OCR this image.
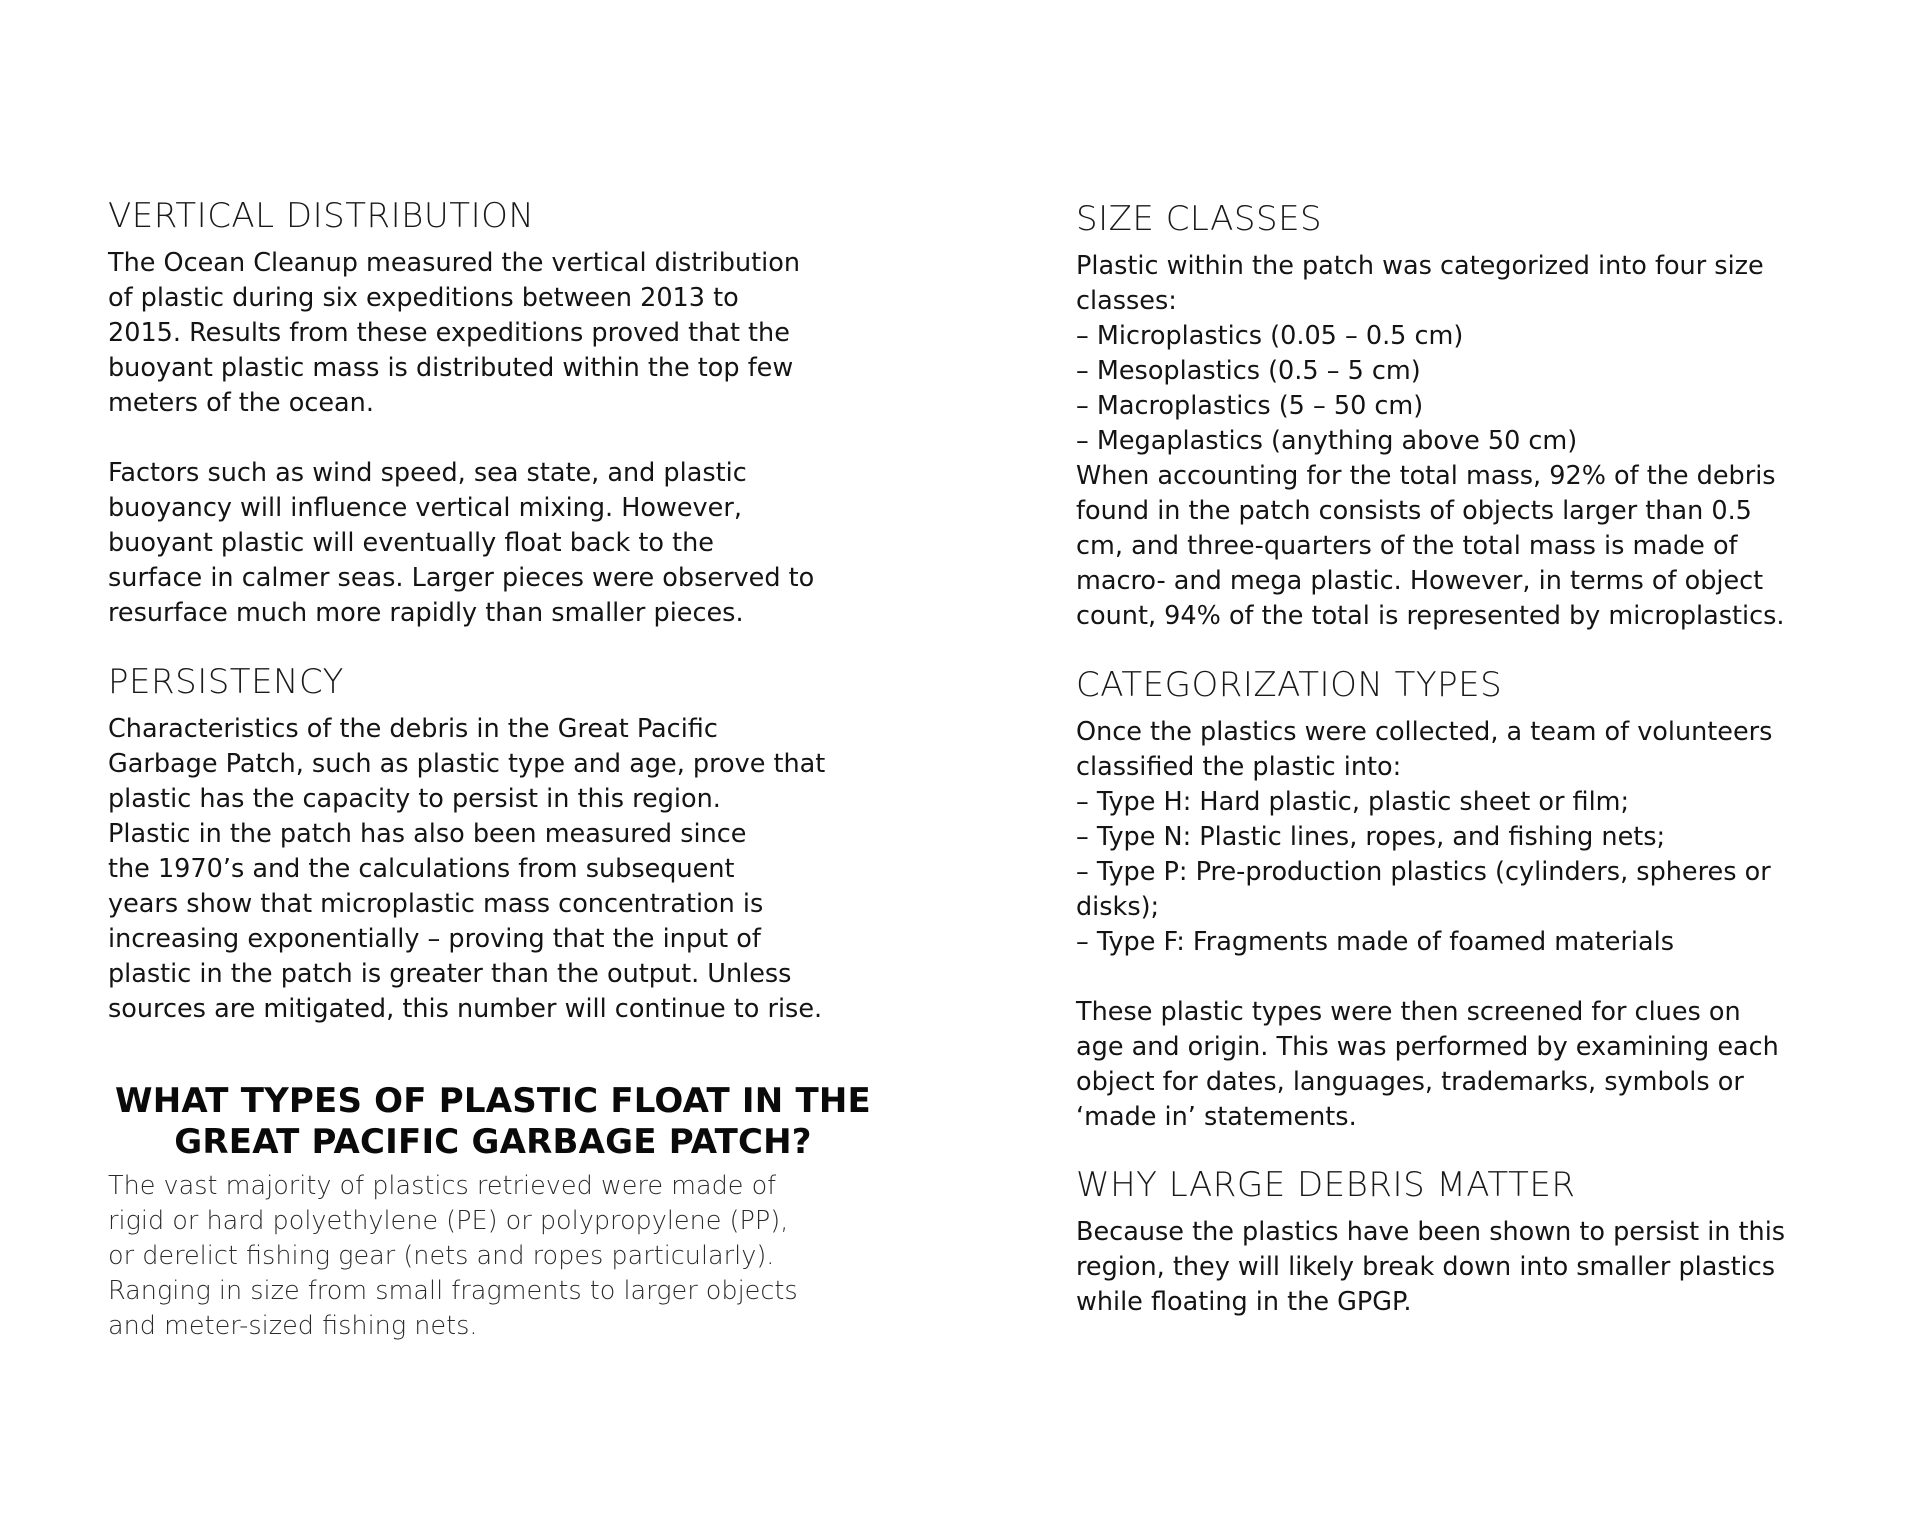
VERTICAL DISTRIBUTION

The Ocean Cleanup measured the vertical distribution
of plastic during six expeditions between 2013 to
2015. Results from these expeditions proved that the
buoyant plastic mass is distributed within the top few
meters of the ocean.

Factors such as wind speed, sea state, and plastic
buoyancy will influence vertical mixing. However,
buoyant plastic will eventually float back to the
surface in calmer seas. Larger pieces were observed to
resurface much more rapidly than smaller pieces.

PERSISTENCY

Characteristics of the debris in the Great Pacific
Garbage Patch, such as plastic type and age, prove that
plastic has the capacity to persist in this region.
Plastic in the patch has also been measured since
the 1970’s and the calculations from subsequent
years show that microplastic mass concentration is
increasing exponentially – proving that the input of
plastic in the patch is greater than the output. Unless
sources are mitigated, this number will continue to rise.

WHAT TYPES OF PLASTIC FLOAT IN THE
GREAT PACIFIC GARBAGE PATCH?

The vast majority of plastics retrieved were made of
rigid or hard polyethylene (PE) or polypropylene (PP),
or derelict fishing gear (nets and ropes particularly).
Ranging in size from small fragments to larger objects
and meter-sized fishing nets.

SIZE CLASSES

Plastic within the patch was categorized into four size
classes:
– Microplastics (0.05 – 0.5 cm)
– Mesoplastics (0.5 – 5 cm)
– Macroplastics (5 – 50 cm)
– Megaplastics (anything above 50 cm)
When accounting for the total mass, 92% of the debris
found in the patch consists of objects larger than 0.5
cm, and three-quarters of the total mass is made of
macro- and mega plastic. However, in terms of object
count, 94% of the total is represented by microplastics.

CATEGORIZATION TYPES

Once the plastics were collected, a team of volunteers
classified the plastic into:
– Type H: Hard plastic, plastic sheet or film;
– Type N: Plastic lines, ropes, and fishing nets;
– Type P: Pre-production plastics (cylinders, spheres or
disks);
– Type F: Fragments made of foamed materials

These plastic types were then screened for clues on
age and origin. This was performed by examining each
object for dates, languages, trademarks, symbols or
‘made in’ statements.

WHY LARGE DEBRIS MATTER

Because the plastics have been shown to persist in this
region, they will likely break down into smaller plastics
while floating in the GPGP.
